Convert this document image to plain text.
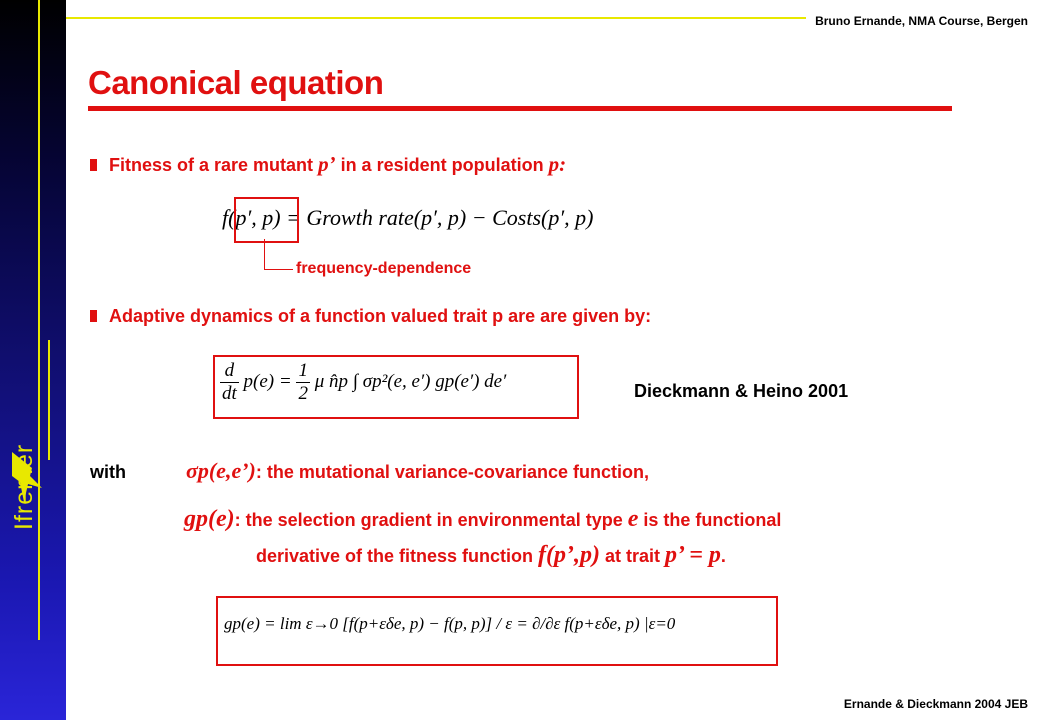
Ifremer
Bruno Ernande, NMA Course, Bergen
Ernande & Dieckmann 2004 JEB
Canonical equation
Fitness of a rare mutant p’ in a resident population p:
f(p′, p) = Growth rate(p′, p) − Costs(p′, p)
frequency-dependence
Adaptive dynamics of a function valued trait p are are given by:
$\frac{d}{dt} p(e) = \frac{1}{2}$ μ n̂p ∫ σp²(e, e′) gp(e′) de′	Dieckmann & Heino 2001
with	σp(e,e’): the mutational variance-covariance function,
gp(e): the selection gradient in environmental type e is the functional
derivative of the fitness function f(p’,p) at trait p’ = p.
gp(e) = lim ε→0 [f(p+εδe, p) − f(p, p)] / ε = ∂/∂ε f(p+εδe, p) |ε=0
